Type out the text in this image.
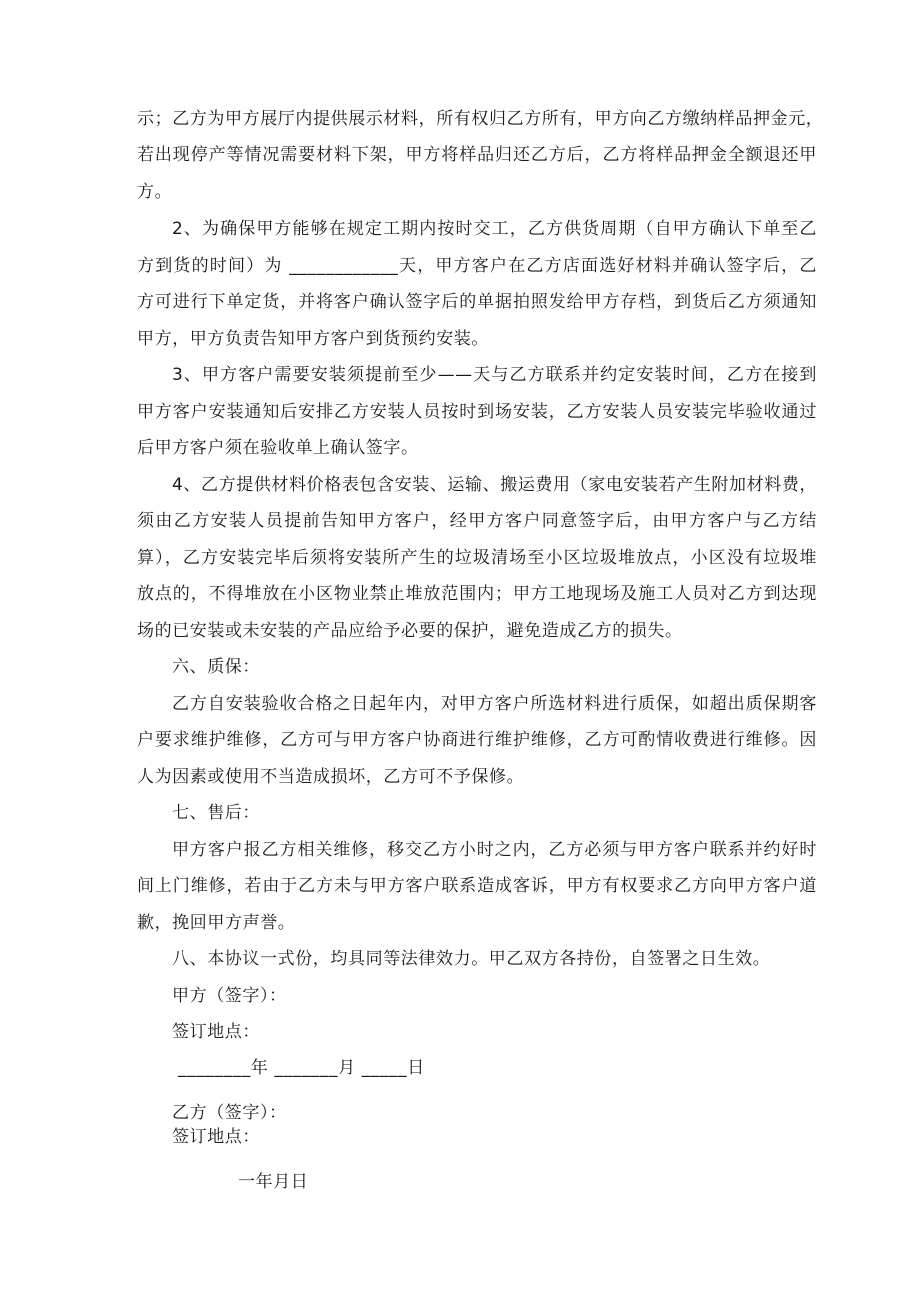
示；乙方为甲方展厅内提供展示材料，所有权归乙方所有，甲方向乙方缴纳样品押金元，
若出现停产等情况需要材料下架，甲方将样品归还乙方后，乙方将样品押金全额退还甲
方。
2、为确保甲方能够在规定工期内按时交工，乙方供货周期（自甲方确认下单至乙
方到货的时间）为 ____________天，甲方客户在乙方店面选好材料并确认签字后，乙
方可进行下单定货，并将客户确认签字后的单据拍照发给甲方存档，到货后乙方须通知
甲方，甲方负责告知甲方客户到货预约安装。
3、甲方客户需要安装须提前至少——天与乙方联系并约定安装时间，乙方在接到
甲方客户安装通知后安排乙方安装人员按时到场安装，乙方安装人员安装完毕验收通过
后甲方客户须在验收单上确认签字。
4、乙方提供材料价格表包含安装、运输、搬运费用（家电安装若产生附加材料费，
须由乙方安装人员提前告知甲方客户，经甲方客户同意签字后，由甲方客户与乙方结
算），乙方安装完毕后须将安装所产生的垃圾清场至小区垃圾堆放点，小区没有垃圾堆
放点的，不得堆放在小区物业禁止堆放范围内；甲方工地现场及施工人员对乙方到达现
场的已安装或未安装的产品应给予必要的保护，避免造成乙方的损失。
六、质保：
乙方自安装验收合格之日起年内，对甲方客户所选材料进行质保，如超出质保期客
户要求维护维修，乙方可与甲方客户协商进行维护维修，乙方可酌情收费进行维修。因
人为因素或使用不当造成损坏，乙方可不予保修。
七、售后：
甲方客户报乙方相关维修，移交乙方小时之内，乙方必须与甲方客户联系并约好时
间上门维修，若由于乙方未与甲方客户联系造成客诉，甲方有权要求乙方向甲方客户道
歉，挽回甲方声誉。
八、本协议一式份，均具同等法律效力。甲乙双方各持份，自签署之日生效。
甲方（签字）：
签订地点：
________年 _______月 _____日
乙方（签字）：
签订地点：
一年月日
